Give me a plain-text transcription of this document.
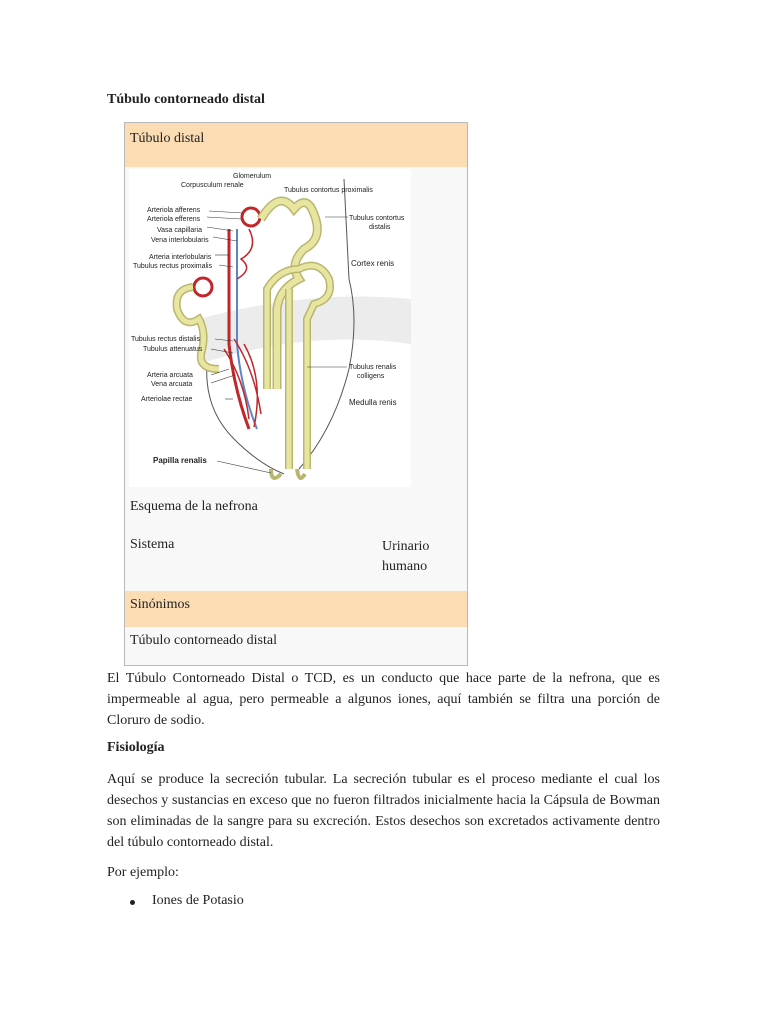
Túbulo contorneado distal
Túbulo distal
Glomerulum
Corpusculum renale
Tubulus contortus proximalis
Arteriola afferens
Arteriola efferens
Vasa capillaria
Vena interlobularis
Arteria interlobularis
Tubulus rectus proximalis
Tubulus contortus
distalis
Cortex renis
Tubulus rectus distalis
Tubulus attenuatus
Arteria arcuata
Vena arcuata
Arteriolae rectae
Tubulus renalis
colligens
Medulla renis
Papilla renalis
Esquema de la nefrona
Sistema	Urinario humano
Sinónimos
Túbulo contorneado distal

El Túbulo Contorneado Distal o TCD, es un conducto que hace parte de la nefrona, que es impermeable al agua, pero permeable a algunos iones, aquí también se filtra una porción de Cloruro de sodio.

Fisiología

Aquí se produce la secreción tubular. La secreción tubular es el proceso mediante el cual los desechos y sustancias en exceso que no fueron filtrados inicialmente hacia la Cápsula de Bowman son eliminadas de la sangre para su excreción. Estos desechos son excretados activamente dentro del túbulo contorneado distal.

Por ejemplo:

Iones de Potasio
